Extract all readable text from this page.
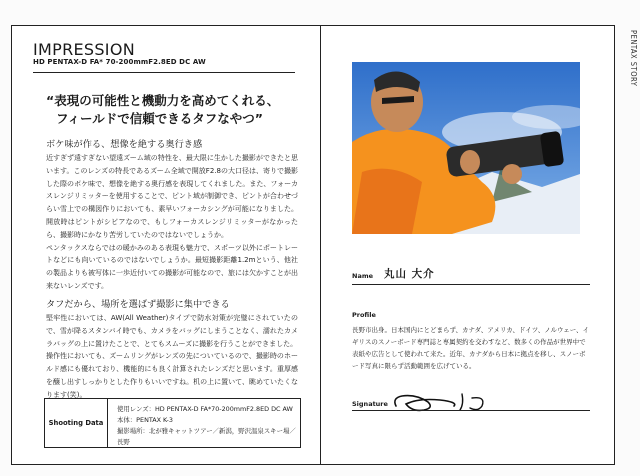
PENTAX STORY
IMPRESSION
HD PENTAX-D FA* 70-200mmF2.8ED DC AW
“表現の可能性と機動力を高めてくれる、
フィールドで信頼できるタフなやつ”
ボケ味が作る、想像を絶する奥行き感
近すぎず遠すぎない望遠ズーム域の特性を、最大限に生かした撮影ができたと思います。このレンズの特長であるズーム全域で開放F2.8の大口径は、寄りで撮影した際のボケ味で、想像を絶する奥行感を表現してくれました。また、フォーカスレンジリミッターを使用することで、ピント域が制御でき、ピントが合わせづらい雪上での構図作りにおいても、素早いフォーカシングが可能になりました。開放時はピントがシビアなので、もしフォーカスレンジリミッターがなかったら、撮影時にかなり苦労していたのではないでしょうか。
ペンタックスならではの暖かみのある表現も魅力で、スポーツ以外にポートレートなどにも向いているのではないでしょうか。最短撮影距離1.2mという、他社の製品よりも被写体に一歩近付いての撮影が可能なので、旅には欠かすことが出来ないレンズです。
タフだから、場所を選ばず撮影に集中できる
堅牢性においては、AW(All Weather)タイプで防水対策が完璧にされていたので、雪が降るスタンバイ時でも、カメラをバッグにしまうことなく、濡れたカメラバッグの上に置けたことで、とてもスムーズに撮影を行うことができました。
操作性においても、ズームリングがレンズの先についているので、撮影時のホールド感にも優れており、機能的にも良く計算されたレンズだと思います。重厚感を醸し出すしっかりとした作りもいいですね。机の上に置いて、眺めていたくなります(笑)。
Shooting Data
使用レンズ：HD PENTAX-D FA*70-200mmF2.8ED DC AW
本体：PENTAX K-3
撮影場所：北が雅キャットツアー／新潟，野沢温泉スキー場／長野
Name 丸山 大介
Profile
長野市出身。日本国内にとどまらず、カナダ、アメリカ、ドイツ、ノルウェー、イギリスのスノーボード専門誌と専属契約を交わすなど、数多くの作品が世界中で表紙や広告として使われて来た。近年、カナダから日本に拠点を移し、スノーボード写真に限らず活動範囲を広げている。
Signature
